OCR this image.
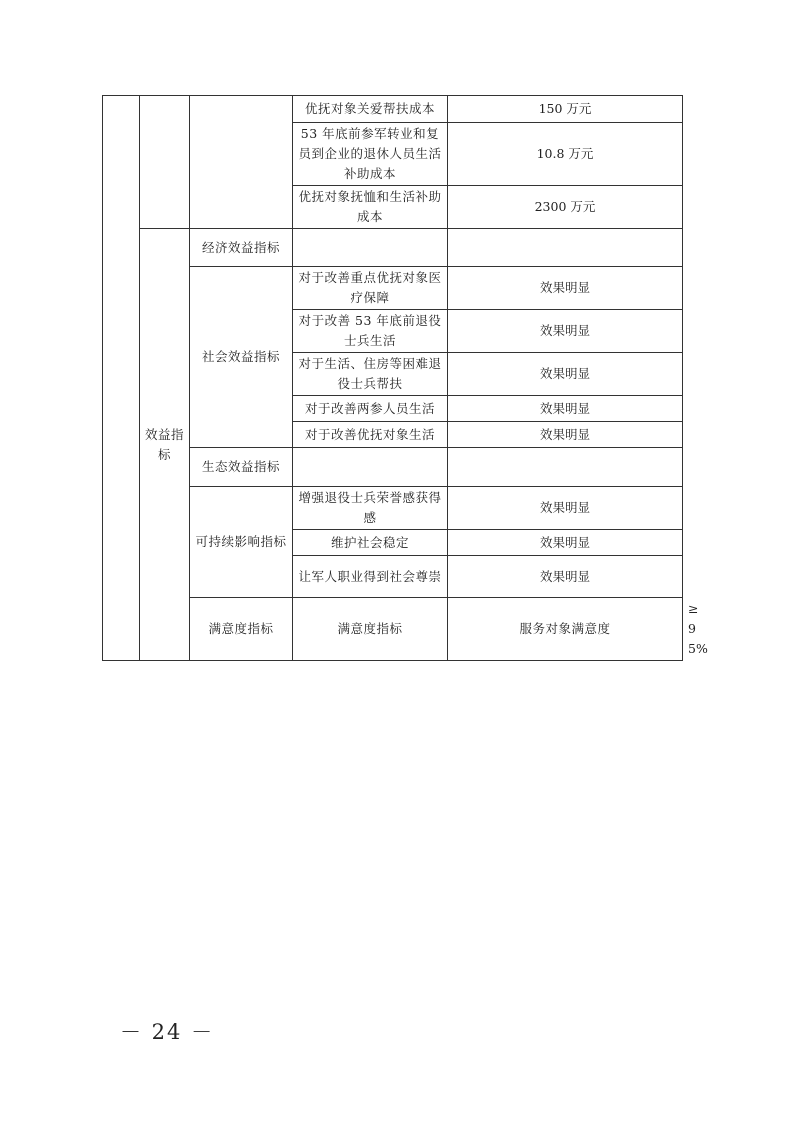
			优抚对象关爱帮扶成本	150 万元	
			53 年底前参军转业和复员到企业的退休人员生活补助成本	10.8 万元	
			优抚对象抚恤和生活补助成本	2300 万元	
	效益指标	经济效益指标			
		社会效益指标	对于改善重点优抚对象医疗保障	效果明显	
			对于改善 53 年底前退役士兵生活	效果明显	
			对于生活、住房等困难退役士兵帮扶	效果明显	
			对于改善两参人员生活	效果明显	
			对于改善优抚对象生活	效果明显	
		生态效益指标			
		可持续影响指标	增强退役士兵荣誉感获得感	效果明显	
			维护社会稳定	效果明显	
			让军人职业得到社会尊崇	效果明显	
		满意度指标	满意度指标	服务对象满意度	≥95%
－ 24 －
